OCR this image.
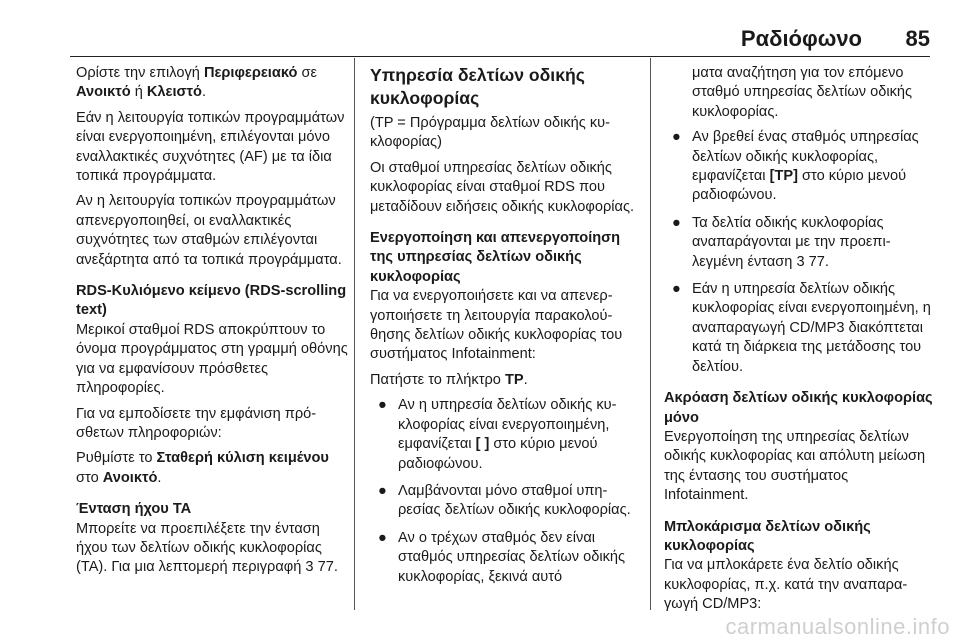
Ραδιόφωνο 85

Ορίστε την επιλογή Περιφερειακό σε Ανοικτό ή Κλειστό.

Εάν η λειτουργία τοπικών προγραμμάτων είναι ενεργοποιημένη, επιλέγονται μόνο εναλλακτικές συχνότητες (AF) με τα ίδια τοπικά προγράμματα.

Αν η λειτουργία τοπικών προγραμμάτων απενεργοποιηθεί, οι εναλλακτικές συχνότητες των σταθμών επιλέγονται ανεξάρτητα από τα τοπικά προγράμματα.

RDS-Κυλιόμενο κείμενο (RDS-scrolling text)

Μερικοί σταθμοί RDS αποκρύπτουν το όνομα προγράμματος στη γραμμή οθόνης για να εμφανίσουν πρόσθετες πληροφορίες.

Για να εμποδίσετε την εμφάνιση πρόσθετων πληροφοριών:

Ρυθμίστε το Σταθερή κύλιση κειμένου στο Ανοικτό.

Ένταση ήχου TA

Μπορείτε να προεπιλέξετε την ένταση ήχου των δελτίων οδικής κυκλοφορίας (TA). Για μια λεπτομερή περιγραφή 3 77.

Υπηρεσία δελτίων οδικής κυκλοφορίας

(TP = Πρόγραμμα δελτίων οδικής κυκλοφορίας)

Οι σταθμοί υπηρεσίας δελτίων οδικής κυκλοφορίας είναι σταθμοί RDS που μεταδίδουν ειδήσεις οδικής κυκλοφορίας.

Ενεργοποίηση και απενεργοποίηση της υπηρεσίας δελτίων οδικής κυκλοφορίας

Για να ενεργοποιήσετε και να απενεργοποιήσετε τη λειτουργία παρακολούθησης δελτίων οδικής κυκλοφορίας του συστήματος Infotainment:

Πατήστε το πλήκτρο TP.

● Αν η υπηρεσία δελτίων οδικής κυκλοφορίας είναι ενεργοποιημένη, εμφανίζεται [ ] στο κύριο μενού ραδιοφώνου.
● Λαμβάνονται μόνο σταθμοί υπηρεσίας δελτίων οδικής κυκλοφορίας.
● Αν ο τρέχων σταθμός δεν είναι σταθμός υπηρεσίας δελτίων οδικής κυκλοφορίας, ξεκινά αυτό

ματα αναζήτηση για τον επόμενο σταθμό υπηρεσίας δελτίων οδικής κυκλοφορίας.

● Αν βρεθεί ένας σταθμός υπηρεσίας δελτίων οδικής κυκλοφορίας, εμφανίζεται [TP] στο κύριο μενού ραδιοφώνου.
● Τα δελτία οδικής κυκλοφορίας αναπαράγονται με την προεπιλεγμένη ένταση 3 77.
● Εάν η υπηρεσία δελτίων οδικής κυκλοφορίας είναι ενεργοποιημένη, η αναπαραγωγή CD/MP3 διακόπτεται κατά τη διάρκεια της μετάδοσης του δελτίου.
Ακρόαση δελτίων οδικής κυκλοφορίας μόνο

Ενεργοποίηση της υπηρεσίας δελτίων οδικής κυκλοφορίας και απόλυτη μείωση της έντασης του συστήματος Infotainment.

Μπλοκάρισμα δελτίων οδικής κυκλοφορίας

Για να μπλοκάρετε ένα δελτίο οδικής κυκλοφορίας, π.χ. κατά την αναπαραγωγή CD/MP3:

carmanualsonline.info
